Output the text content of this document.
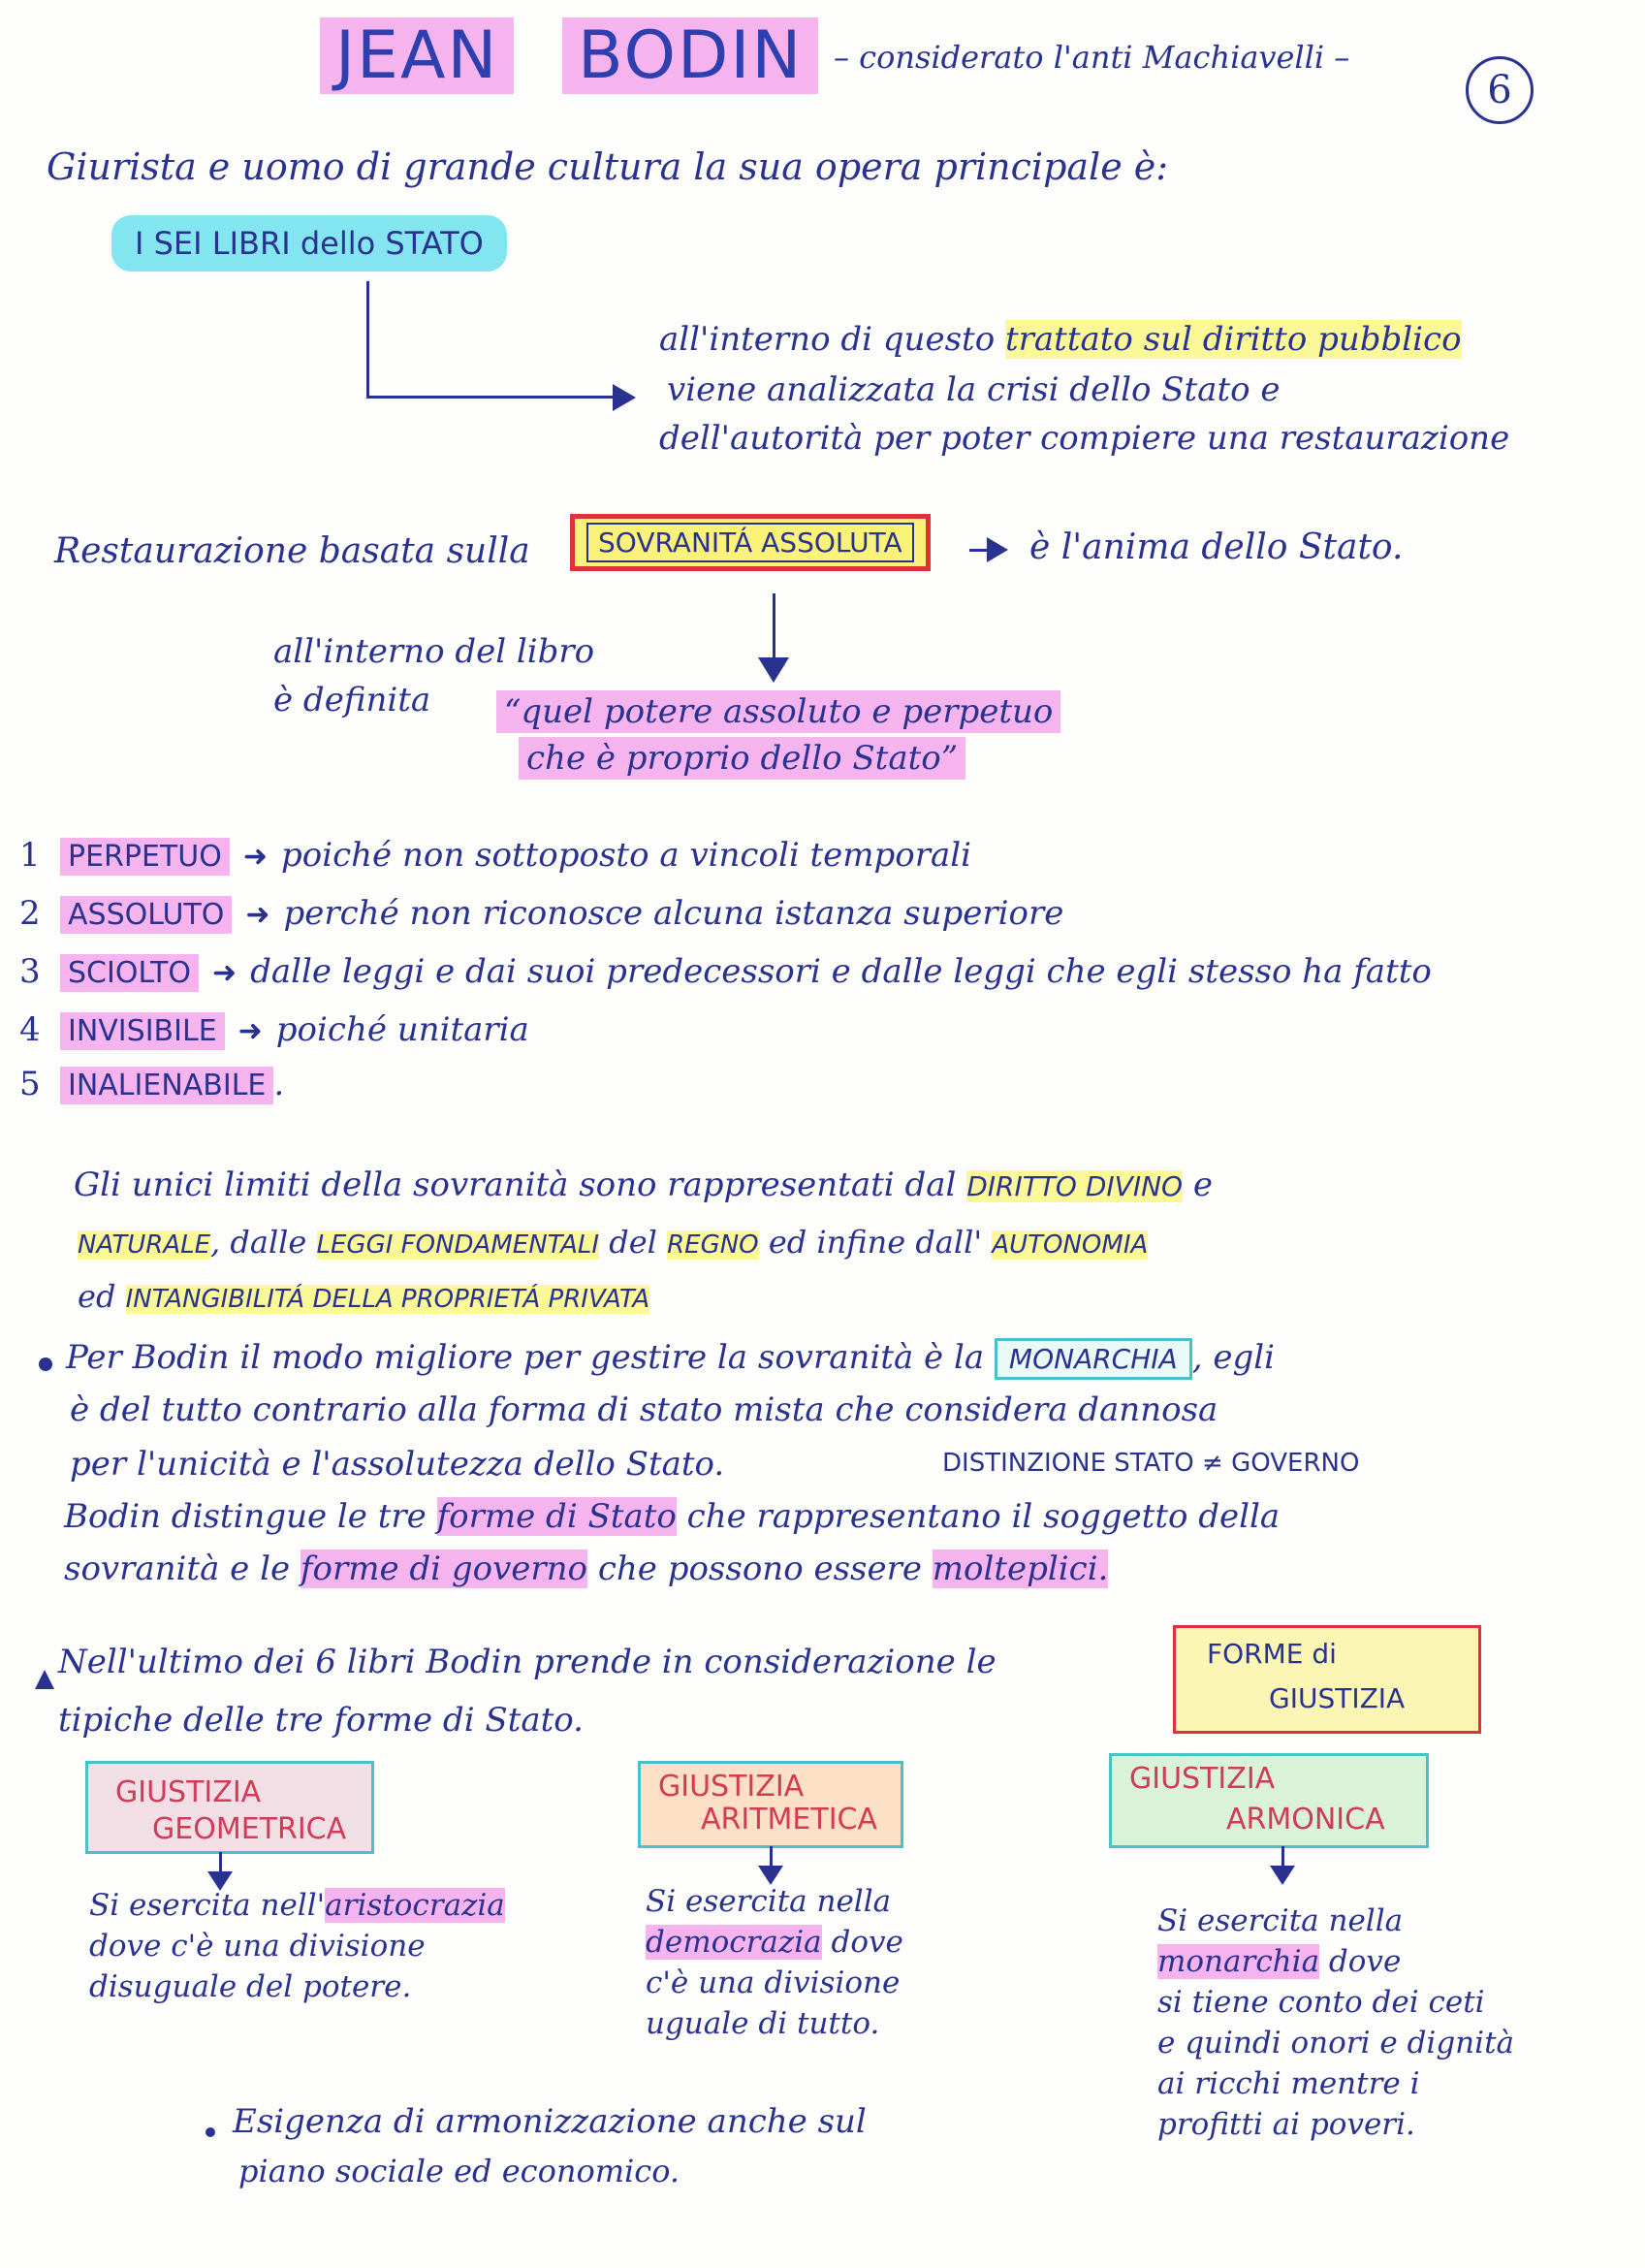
JEAN BODIN – considerato l'anti Machiavelli –
6
Giurista e uomo di grande cultura la sua opera principale è:
I SEI LIBRI dello STATO
all'interno di questo trattato sul diritto pubblico
viene analizzata la crisi dello Stato e
dell'autorità per poter compiere una restaurazione
Restaurazione basata sulla	SOVRANITÁ ASSOLUTA	è l'anima dello Stato.
all'interno del libro
è definita “quel potere assoluto e perpetuo
che è proprio dello Stato”
1 PERPETUO ➜ poiché non sottoposto a vincoli temporali
2 ASSOLUTO ➜ perché non riconosce alcuna istanza superiore
3 SCIOLTO ➜ dalle leggi e dai suoi predecessori e dalle leggi che egli stesso ha fatto
4 INVISIBILE ➜ poiché unitaria
5 INALIENABILE .
Gli unici limiti della sovranità sono rappresentati dal DIRITTO DIVINO e
NATURALE, dalle LEGGI FONDAMENTALI del REGNO ed infine dall' AUTONOMIA
ed INTANGIBILITÁ DELLA PROPRIETÁ PRIVATA
Per Bodin il modo migliore per gestire la sovranità è la MONARCHIA , egli
è del tutto contrario alla forma di stato mista che considera dannosa
per l'unicità e l'assolutezza dello Stato.	DISTINZIONE STATO ≠ GOVERNO
Bodin distingue le tre forme di Stato che rappresentano il soggetto della
sovranità e le forme di governo che possono essere molteplici.
Nell'ultimo dei 6 libri Bodin prende in considerazione le
tipiche delle tre forme di Stato.
FORME di
GIUSTIZIA
GIUSTIZIA
GEOMETRICA
Si esercita nell'aristocrazia
dove c'è una divisione
disuguale del potere.
GIUSTIZIA
ARITMETICA
Si esercita nella
democrazia dove
c'è una divisione
uguale di tutto.
GIUSTIZIA
ARMONICA
Si esercita nella
monarchia dove
si tiene conto dei ceti
e quindi onori e dignità
ai ricchi mentre i
profitti ai poveri.
Esigenza di armonizzazione anche sul
piano sociale ed economico.
